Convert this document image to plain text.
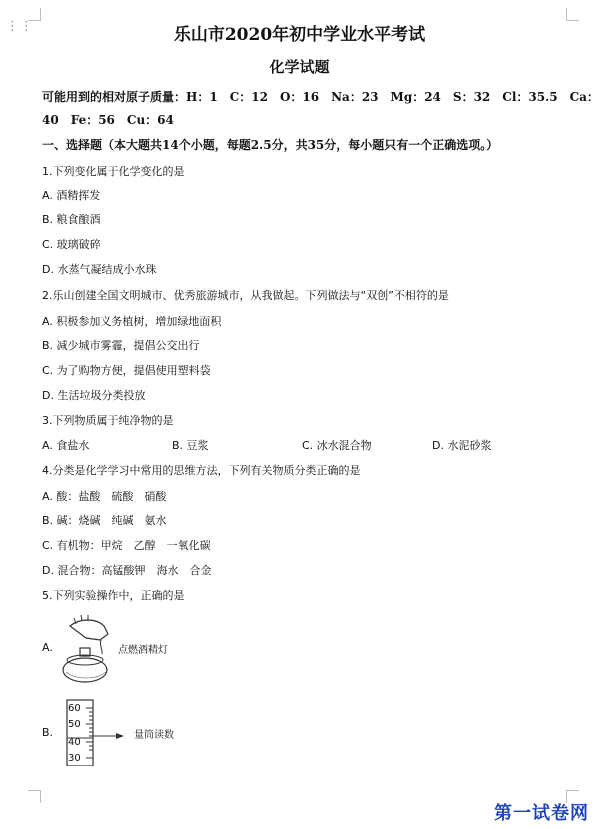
⋮⋮	乐山市2020年初中学业水平考试
化学试题
可能用到的相对原子质量：H：1　C：12　O：16　Na：23　Mg：24　S：32　Cl：35.5　Ca：
40　Fe：56　Cu：64
一、选择题（本大题共14个小题，每题2.5分，共35分，每小题只有一个正确选项。）
1.下列变化属于化学变化的是
A. 酒精挥发
B. 粮食酿酒
C. 玻璃破碎
D. 水蒸气凝结成小水珠
2.乐山创建全国文明城市、优秀旅游城市，从我做起。下列做法与“双创”不相符的是
A. 积极参加义务植树，增加绿地面积
B. 减少城市雾霾，提倡公交出行
C. 为了购物方便，提倡使用塑料袋
D. 生活垃圾分类投放
3.下列物质属于纯净物的是
A. 食盐水	B. 豆浆	C. 冰水混合物	D. 水泥砂浆
4.分类是化学学习中常用的思维方法，下列有关物质分类正确的是
A. 酸：盐酸　硫酸　硝酸
B. 碱：烧碱　纯碱　氨水
C. 有机物：甲烷　乙醇　一氧化碳
D. 混合物：高锰酸钾　海水　合金
5.下列实验操作中，正确的是
A.	点燃酒精灯
B.
60
50
40
30
量筒读数
第一试卷网
